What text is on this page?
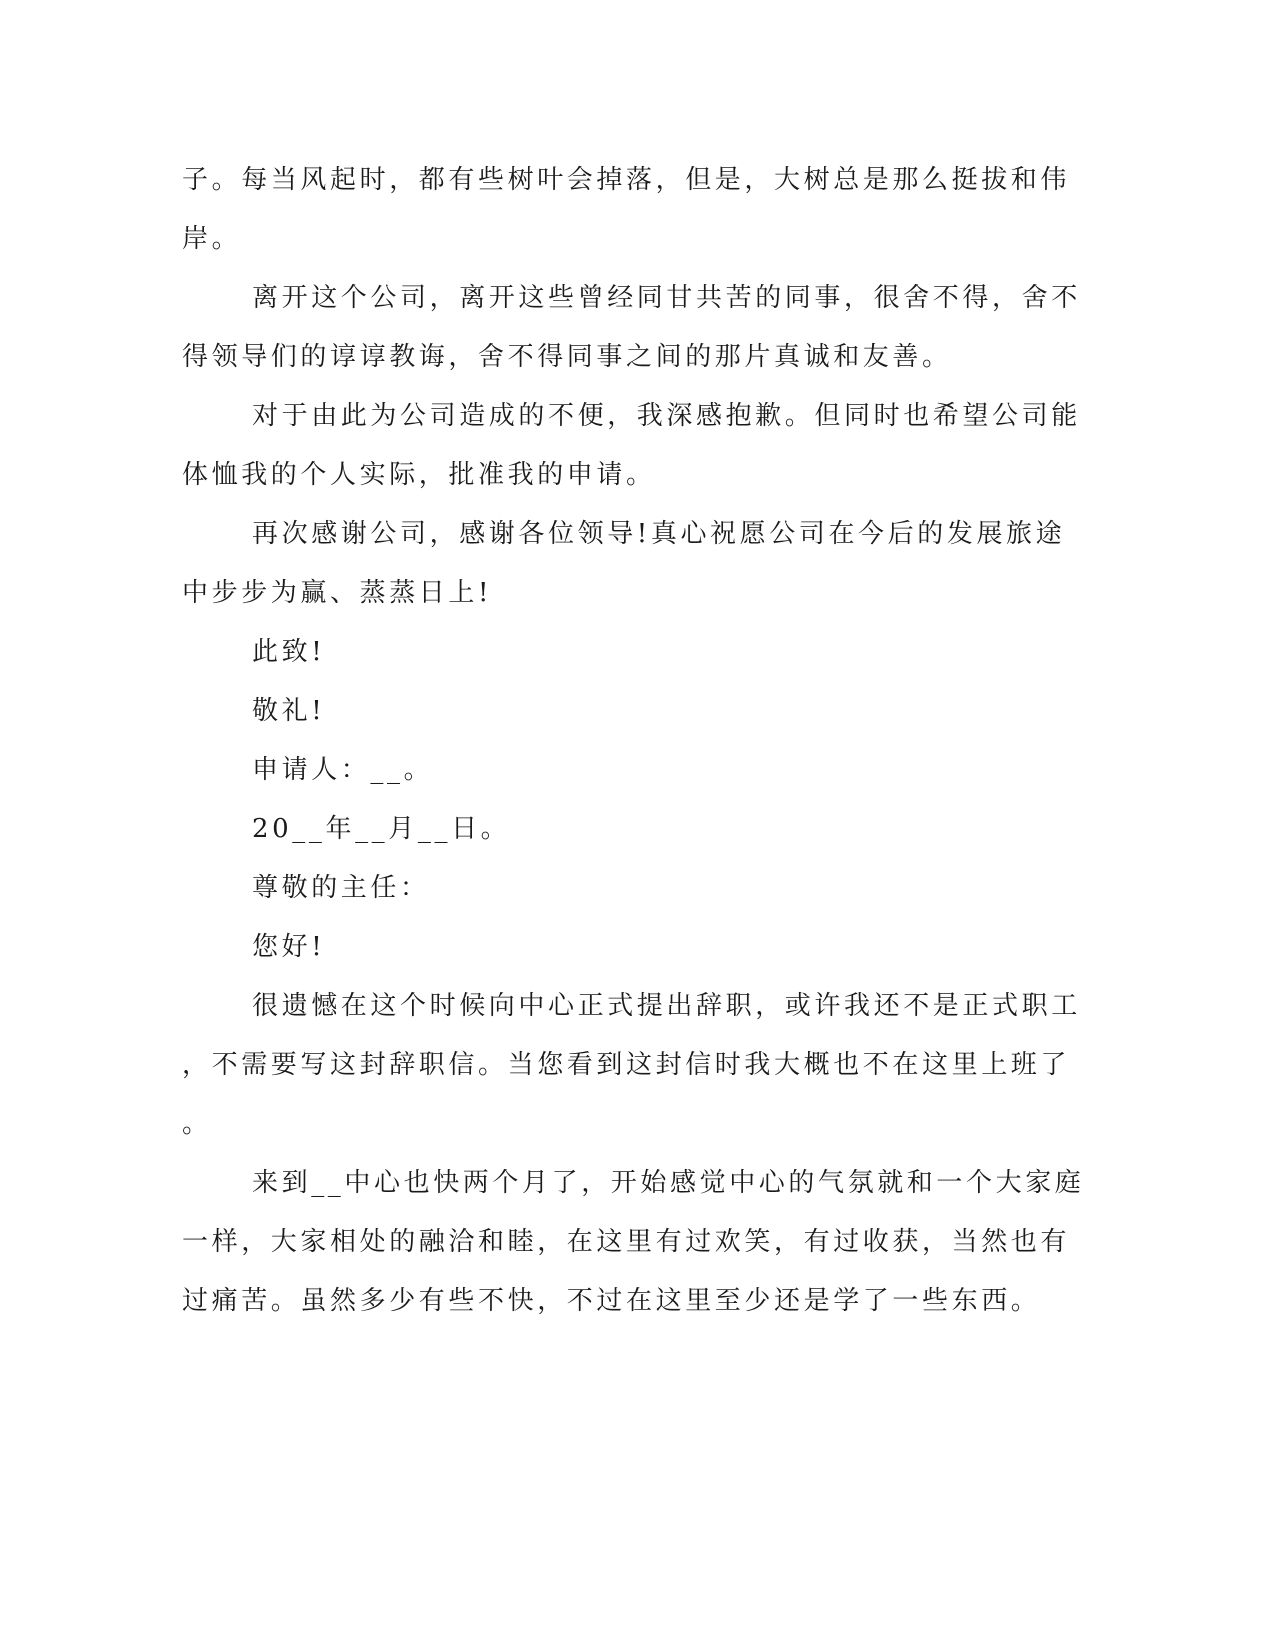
子。每当风起时，都有些树叶会掉落，但是，大树总是那么挺拔和伟
岸。
离开这个公司，离开这些曾经同甘共苦的同事，很舍不得，舍不
得领导们的谆谆教诲，舍不得同事之间的那片真诚和友善。
对于由此为公司造成的不便，我深感抱歉。但同时也希望公司能
体恤我的个人实际，批准我的申请。
再次感谢公司，感谢各位领导!真心祝愿公司在今后的发展旅途
中步步为赢、蒸蒸日上!
此致!
敬礼!
申请人：__。
20__年__月__日。
尊敬的主任：
您好!
很遗憾在这个时候向中心正式提出辞职，或许我还不是正式职工
，不需要写这封辞职信。当您看到这封信时我大概也不在这里上班了
。
来到__中心也快两个月了，开始感觉中心的气氛就和一个大家庭
一样，大家相处的融洽和睦，在这里有过欢笑，有过收获，当然也有
过痛苦。虽然多少有些不快，不过在这里至少还是学了一些东西。
